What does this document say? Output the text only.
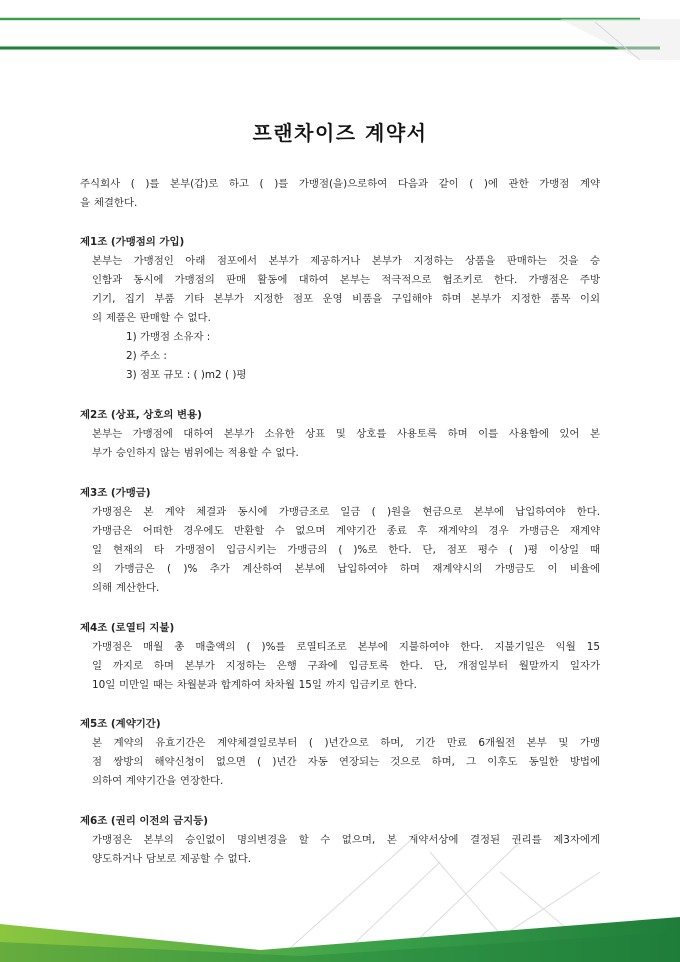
프랜차이즈 계약서

주식회사 ( )를 본부(갑)로 하고 ( )를 가맹점(을)으로하여 다음과 같이 ( )에 관한 가맹점 계약

을 체결한다.

제1조 (가맹점의 가입)

본부는 가맹점인 아래 점포에서 본부가 제공하거나 본부가 지정하는 상품을 판매하는 것을 승

인함과 동시에 가맹점의 판매 활동에 대하여 본부는 적극적으로 협조키로 한다. 가맹점은 주방

기기, 집기 부품 기타 본부가 지정한 점포 운영 비품을 구입해야 하며 본부가 지정한 품목 이외

의 제품은 판매할 수 없다.

1) 가맹점 소유자 :
2) 주소 :
3) 점포 규모 : ( )m2 ( )평
제2조 (상표, 상호의 변용)

본부는 가맹점에 대하여 본부가 소유한 상표 및 상호를 사용토록 하며 이를 사용함에 있어 본

부가 승인하지 않는 범위에는 적용할 수 없다.

제3조 (가맹금)

가맹점은 본 계약 체결과 동시에 가맹금조로 일금 ( )원을 현금으로 본부에 납입하여야 한다.

가맹금은 어떠한 경우에도 반환할 수 없으며 계약기간 종료 후 재계약의 경우 가맹금은 재계약

일 현재의 타 가맹점이 입금시키는 가맹금의 ( )%로 한다. 단, 점포 평수 ( )평 이상일 때

의 가맹금은 ( )% 추가 계산하여 본부에 납입하여야 하며 재계약시의 가맹금도 이 비율에

의해 계산한다.

제4조 (로열티 지불)

가맹점은 매월 총 매출액의 ( )%를 로열티조로 본부에 지불하여야 한다. 지불기일은 익월 15

일 까지로 하며 본부가 지정하는 은행 구좌에 입금토록 한다. 단, 개점일부터 월말까지 일자가

10일 미만일 때는 차월분과 합계하여 차차월 15일 까지 입금키로 한다.

제5조 (계약기간)

본 계약의 유효기간은 계약체결일로부터 ( )년간으로 하며, 기간 만료 6개월전 본부 및 가맹

점 쌍방의 해약신청이 없으면 ( )년간 자동 연장되는 것으로 하며, 그 이후도 동일한 방법에

의하여 계약기간을 연장한다.

제6조 (권리 이전의 금지등)

가맹점은 본부의 승인없이 명의변경을 할 수 없으며, 본 계약서상에 결정된 권리를 제3자에게

양도하거나 담보로 제공할 수 없다.
